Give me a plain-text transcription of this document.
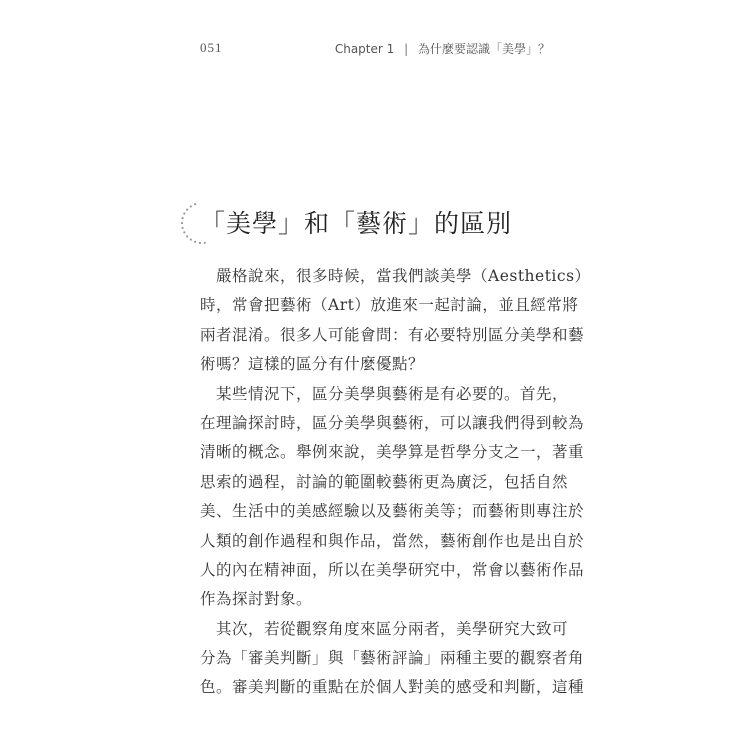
051	Chapter 1 | 為什麼要認識「美學」？
「美學」和「藝術」的區別
　嚴格說來，很多時候，當我們談美學（Aesthetics）
時，常會把藝術（Art）放進來一起討論，並且經常將
兩者混淆。很多人可能會問：有必要特別區分美學和藝
術嗎？這樣的區分有什麼優點？
　某些情況下，區分美學與藝術是有必要的。首先，
在理論探討時，區分美學與藝術，可以讓我們得到較為
清晰的概念。舉例來說，美學算是哲學分支之一，著重
思索的過程，討論的範圍較藝術更為廣泛，包括自然
美、生活中的美感經驗以及藝術美等；而藝術則專注於
人類的創作過程和與作品，當然，藝術創作也是出自於
人的內在精神面，所以在美學研究中，常會以藝術作品
作為探討對象。
　其次，若從觀察角度來區分兩者，美學研究大致可
分為「審美判斷」與「藝術評論」兩種主要的觀察者角
色。審美判斷的重點在於個人對美的感受和判斷，這種
